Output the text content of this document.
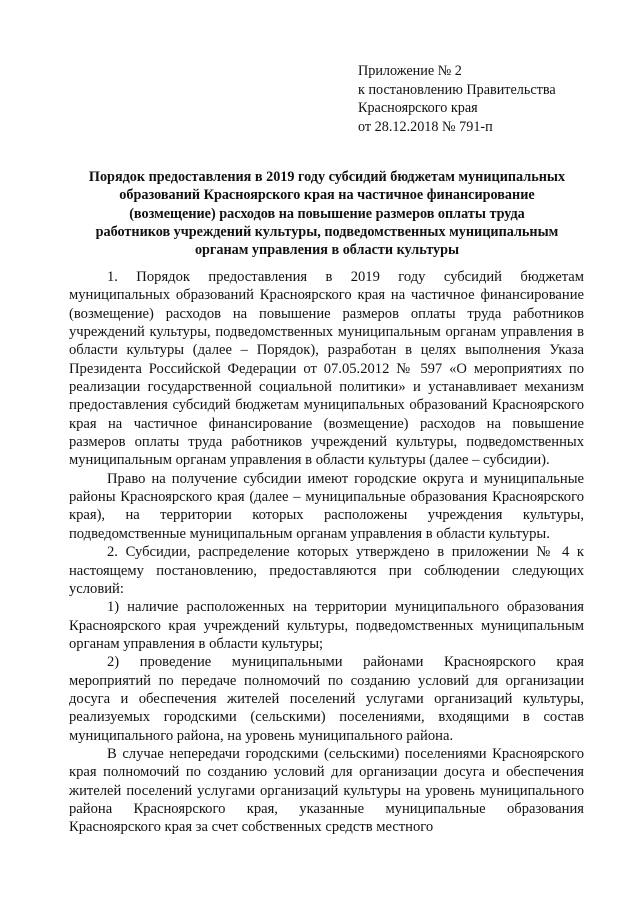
Приложение № 2
к постановлению Правительства
Красноярского края
от 28.12.2018 № 791-п
Порядок предоставления в 2019 году субсидий бюджетам муниципальных
образований Красноярского края на частичное финансирование
(возмещение) расходов на повышение размеров оплаты труда
работников учреждений культуры, подведомственных муниципальным
органам управления в области культуры

1. Порядок предоставления в 2019 году субсидий бюджетам муниципальных образований Красноярского края на частичное финансирование (возмещение) расходов на повышение размеров оплаты труда работников учреждений культуры, подведомственных муниципальным органам управления в области культуры (далее – Порядок), разработан в целях выполнения Указа Президента Российской Федерации от 07.05.2012 № 597 «О мероприятиях по реализации государственной социальной политики» и устанавливает механизм предоставления субсидий бюджетам муниципальных образований Красноярского края на частичное финансирование (возмещение) расходов на повышение размеров оплаты труда работников учреждений культуры, подведомственных муниципальным органам управления в области культуры (далее – субсидии).

Право на получение субсидии имеют городские округа и муниципальные районы Красноярского края (далее – муниципальные образования Красноярского края), на территории которых расположены учреждения культуры, подведомственные муниципальным органам управления в области культуры.

2. Субсидии, распределение которых утверждено в приложении № 4 к настоящему постановлению, предоставляются при соблюдении следующих условий:

1) наличие расположенных на территории муниципального образования Красноярского края учреждений культуры, подведомственных муниципальным органам управления в области культуры;

2) проведение муниципальными районами Красноярского края мероприятий по передаче полномочий по созданию условий для организации досуга и обеспечения жителей поселений услугами организаций культуры, реализуемых городскими (сельскими) поселениями, входящими в состав муниципального района, на уровень муниципального района.

В случае непередачи городскими (сельскими) поселениями Красноярского края полномочий по созданию условий для организации досуга и обеспечения жителей поселений услугами организаций культуры на уровень муниципального района Красноярского края, указанные муниципальные образования Красноярского края за счет собственных средств местного
